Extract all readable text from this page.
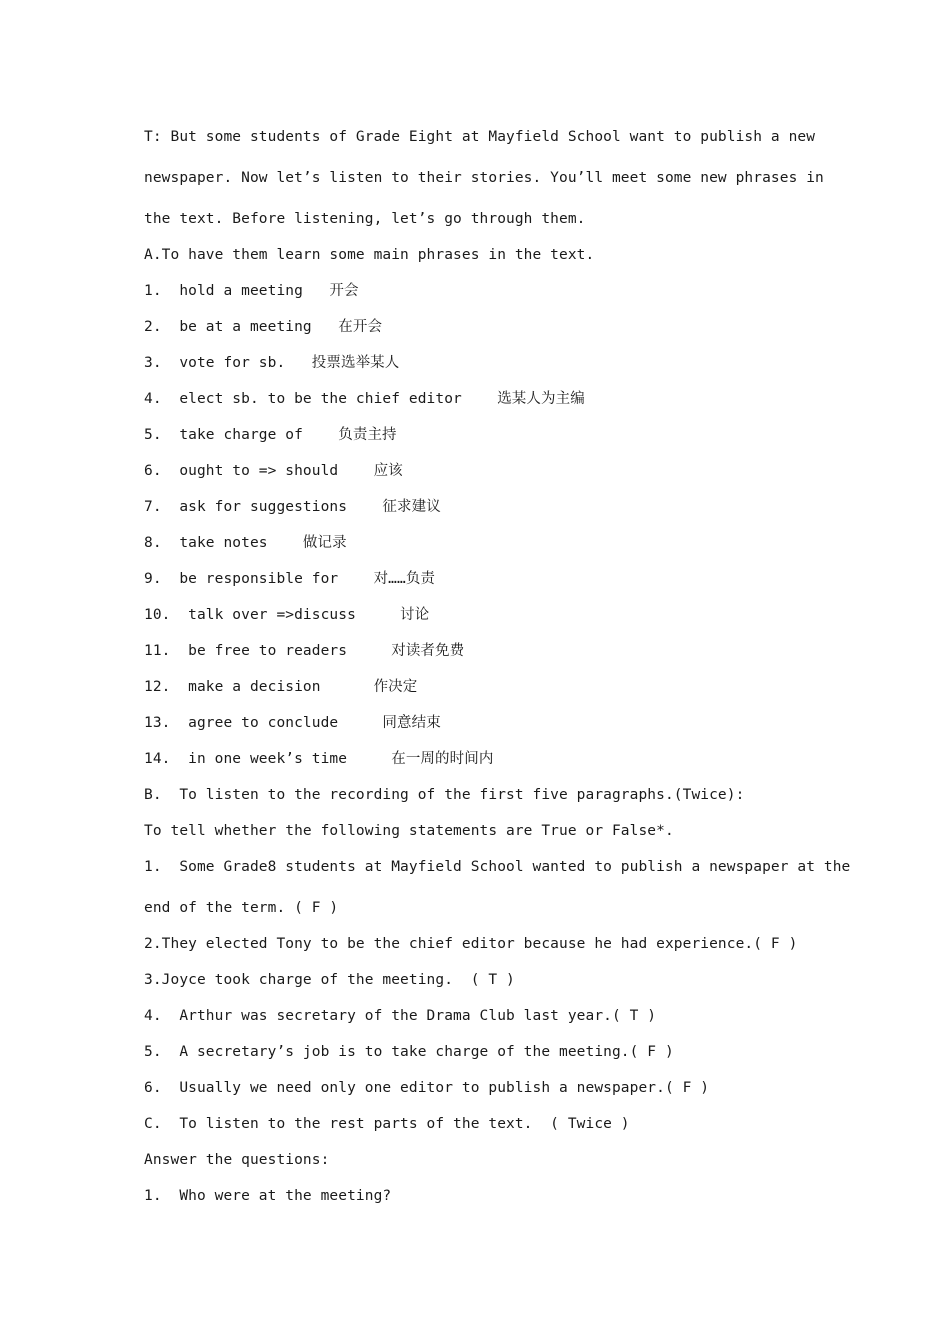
T: But some students of Grade Eight at Mayfield School want to publish a new
newspaper. Now let’s listen to their stories. You’ll meet some new phrases in
the text. Before listening, let’s go through them.
A.To have them learn some main phrases in the text.
1.  hold a meeting   开会
2.  be at a meeting   在开会
3.  vote for sb.   投票选举某人
4.  elect sb. to be the chief editor    选某人为主编
5.  take charge of    负责主持
6.  ought to => should    应该
7.  ask for suggestions    征求建议
8.  take notes    做记录
9.  be responsible for    对……负责
10.  talk over =>discuss     讨论
11.  be free to readers     对读者免费
12.  make a decision      作决定
13.  agree to conclude     同意结束
14.  in one week’s time     在一周的时间内
B.  To listen to the recording of the first five paragraphs.(Twice):
To tell whether the following statements are True or False*.
1.  Some Grade8 students at Mayfield School wanted to publish a newspaper at the
end of the term. ( F )
2.They elected Tony to be the chief editor because he had experience.( F )
3.Joyce took charge of the meeting.  ( T )
4.  Arthur was secretary of the Drama Club last year.( T )
5.  A secretary’s job is to take charge of the meeting.( F )
6.  Usually we need only one editor to publish a newspaper.( F )
C.  To listen to the rest parts of the text.  ( Twice )
Answer the questions:
1.  Who were at the meeting?
